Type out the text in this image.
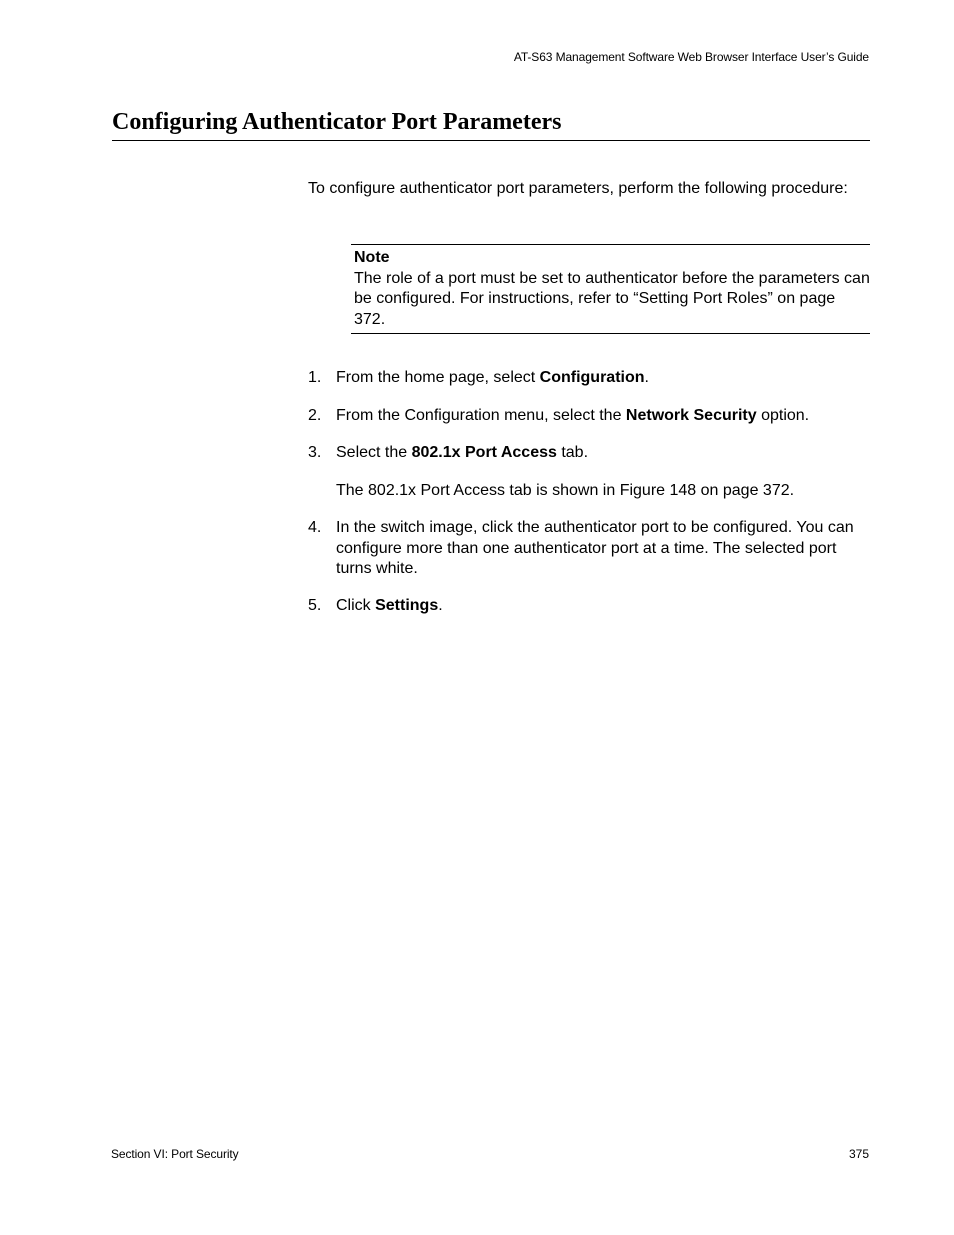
AT-S63 Management Software Web Browser Interface User’s Guide
Configuring Authenticator Port Parameters
To configure authenticator port parameters, perform the following procedure:
Note
The role of a port must be set to authenticator before the parameters can be configured. For instructions, refer to “Setting Port Roles” on page 372.
1. From the home page, select Configuration.
2. From the Configuration menu, select the Network Security option.
3. Select the 802.1x Port Access tab.
The 802.1x Port Access tab is shown in Figure 148 on page 372.
4. In the switch image, click the authenticator port to be configured. You can configure more than one authenticator port at a time. The selected port turns white.
5. Click Settings.
Section VI: Port Security	375
